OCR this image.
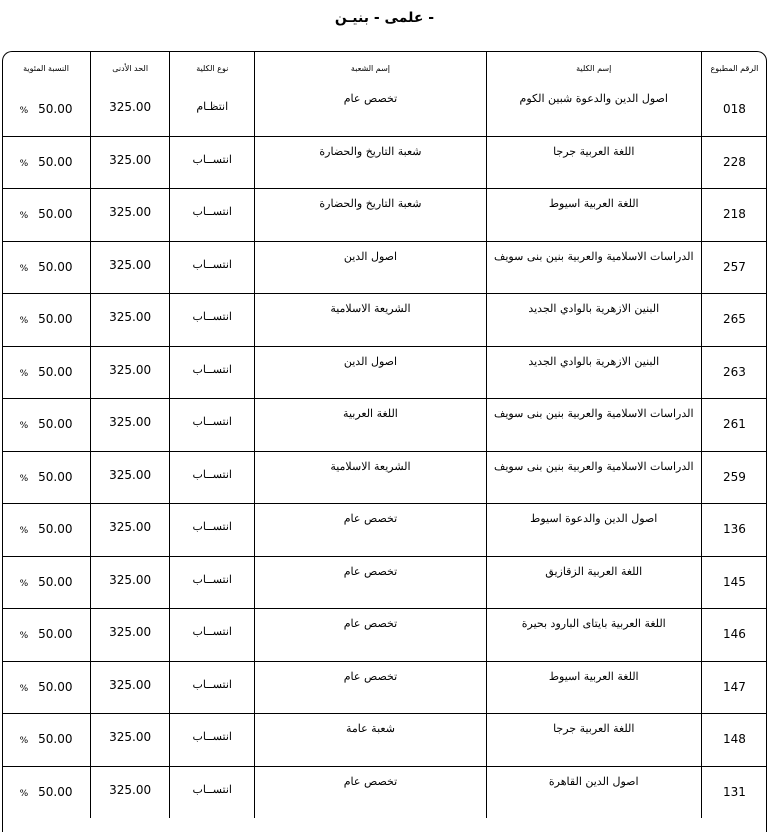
- علمى - بنيـن
النسبة المئوية	الحد الأدنى	نوع الكلية	إسم الشعبة	إسم الكلية	الرقم المطبوع

% 50.00	325.00	انتظـام	تخصص عام	اصول الدين والدعوة شبين الكوم	018

% 50.00	325.00	انتســاب	شعبة التاريخ والحضارة	اللغة العربية جرجا	228

% 50.00	325.00	انتســاب	شعبة التاريخ والحضارة	اللغة العربية اسيوط	218

% 50.00	325.00	انتســاب	اصول الدين	الدراسات الاسلامية والعربية بنين بنى سويف	257

% 50.00	325.00	انتســاب	الشريعة الاسلامية	البنين الازهرية بالوادي الجديد	265

% 50.00	325.00	انتســاب	اصول الدين	البنين الازهرية بالوادي الجديد	263

% 50.00	325.00	انتســاب	اللغة العربية	الدراسات الاسلامية والعربية بنين بنى سويف	261

% 50.00	325.00	انتســاب	الشريعة الاسلامية	الدراسات الاسلامية والعربية بنين بنى سويف	259

% 50.00	325.00	انتســاب	تخصص عام	اصول الدين والدعوة اسيوط	136

% 50.00	325.00	انتســاب	تخصص عام	اللغة العربية الزقازيق	145

% 50.00	325.00	انتســاب	تخصص عام	اللغة العربية بايتاى البارود بحيرة	146

% 50.00	325.00	انتســاب	تخصص عام	اللغة العربية اسيوط	147

% 50.00	325.00	انتســاب	شعبة عامة	اللغة العربية جرجا	148

% 50.00	325.00	انتســاب	تخصص عام	اصول الدين القاهرة	131
